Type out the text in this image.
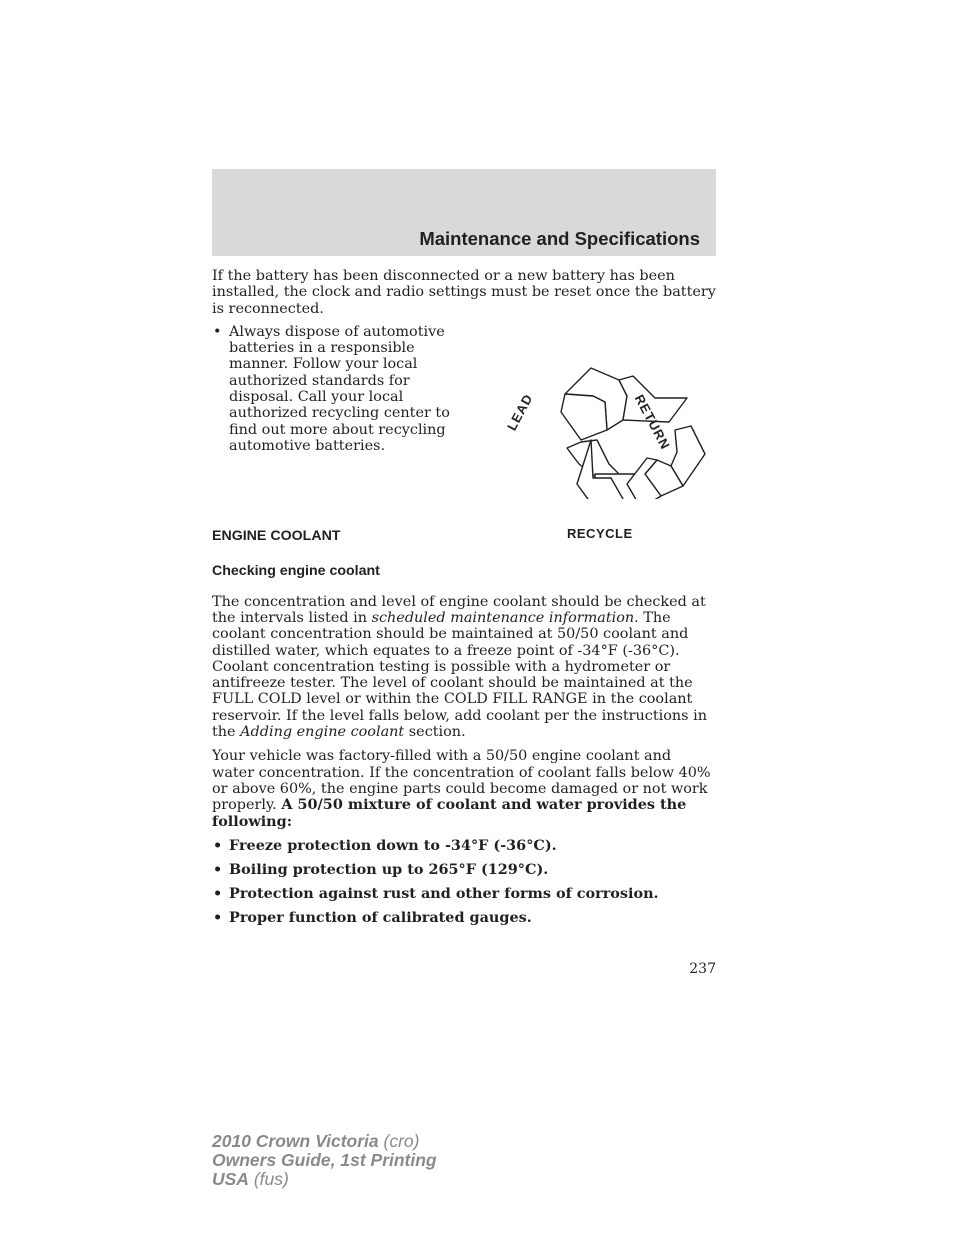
Maintenance and Specifications

If the battery has been disconnected or a new battery has been installed, the clock and radio settings must be reset once the battery is reconnected.

• Always dispose of automotive batteries in a responsible manner. Follow your local authorized standards for disposal. Call your local authorized recycling center to find out more about recycling automotive batteries.
LEAD	RETURN
RECYCLE
ENGINE COOLANT
Checking engine coolant

The concentration and level of engine coolant should be checked at the intervals listed in scheduled maintenance information. The coolant concentration should be maintained at 50/50 coolant and distilled water, which equates to a freeze point of -34°F (-36°C). Coolant concentration testing is possible with a hydrometer or antifreeze tester. The level of coolant should be maintained at the FULL COLD level or within the COLD FILL RANGE in the coolant reservoir. If the level falls below, add coolant per the instructions in the Adding engine coolant section.

Your vehicle was factory-filled with a 50/50 engine coolant and water concentration. If the concentration of coolant falls below 40% or above 60%, the engine parts could become damaged or not work properly. A 50/50 mixture of coolant and water provides the following:

• Freeze protection down to -34°F (-36°C).
• Boiling protection up to 265°F (129°C).
• Protection against rust and other forms of corrosion.
• Proper function of calibrated gauges.
237
2010 Crown Victoria (cro)
Owners Guide, 1st Printing
USA (fus)
